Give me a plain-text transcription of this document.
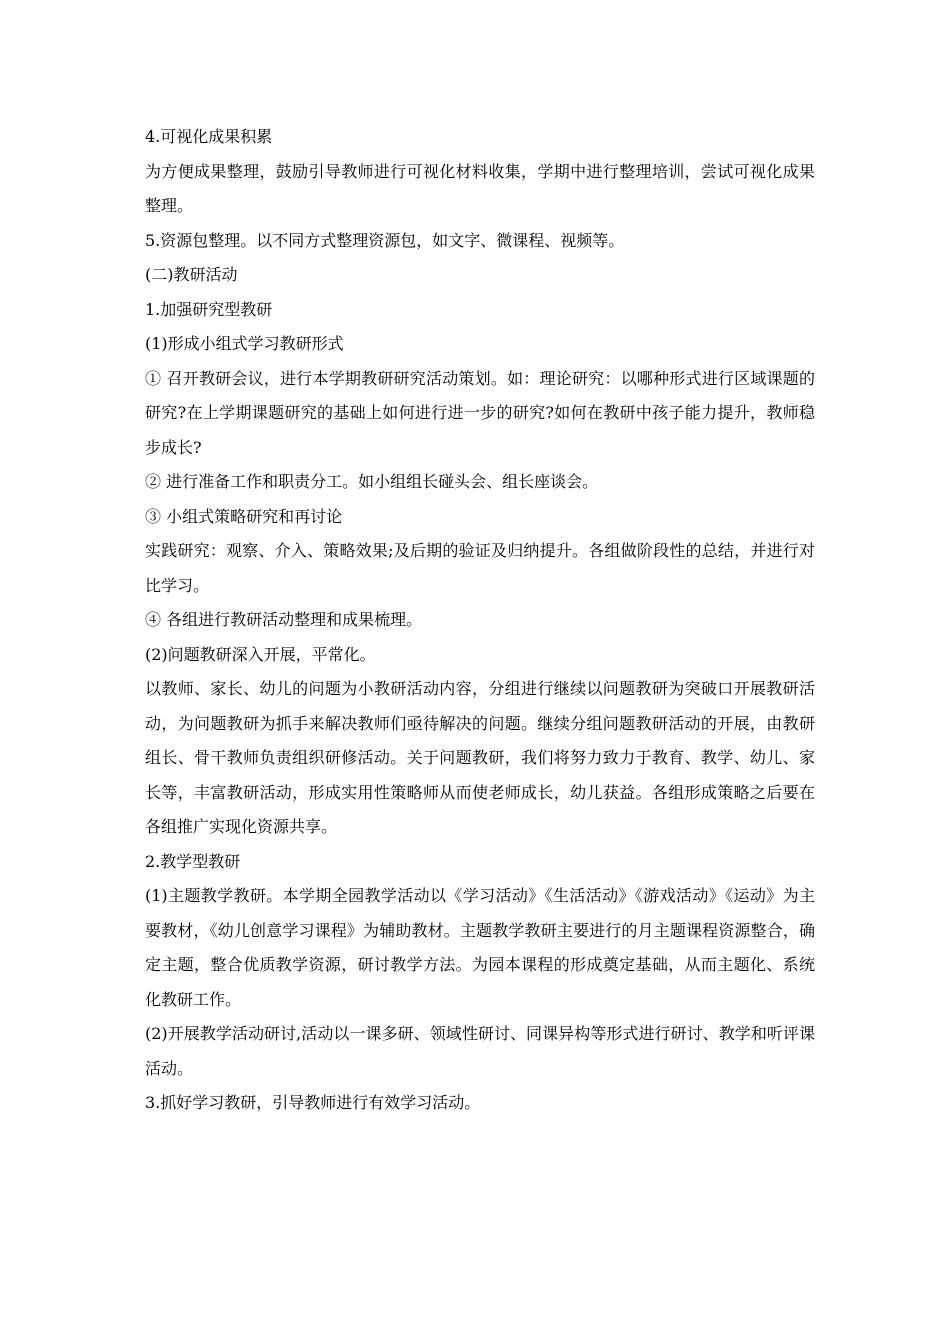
4.可视化成果积累

为方便成果整理，鼓励引导教师进行可视化材料收集，学期中进行整理培训，尝试可视化成果整理。

5.资源包整理。以不同方式整理资源包，如文字、微课程、视频等。

(二)教研活动

1.加强研究型教研

(1)形成小组式学习教研形式

① 召开教研会议，进行本学期教研研究活动策划。如：理论研究：以哪种形式进行区域课题的研究?在上学期课题研究的基础上如何进行进一步的研究?如何在教研中孩子能力提升，教师稳步成长?

② 进行准备工作和职责分工。如小组组长碰头会、组长座谈会。

③ 小组式策略研究和再讨论

实践研究：观察、介入、策略效果;及后期的验证及归纳提升。各组做阶段性的总结，并进行对比学习。

④ 各组进行教研活动整理和成果梳理。

(2)问题教研深入开展，平常化。

以教师、家长、幼儿的问题为小教研活动内容，分组进行继续以问题教研为突破口开展教研活动，为问题教研为抓手来解决教师们亟待解决的问题。继续分组问题教研活动的开展，由教研组长、骨干教师负责组织研修活动。关于问题教研，我们将努力致力于教育、教学、幼儿、家长等，丰富教研活动，形成实用性策略师从而使老师成长，幼儿获益。各组形成策略之后要在各组推广实现化资源共享。

2.教学型教研

(1)主题教学教研。本学期全园教学活动以《学习活动》《生活活动》《游戏活动》《运动》为主要教材，《幼儿创意学习课程》为辅助教材。主题教学教研主要进行的月主题课程资源整合，确定主题，整合优质教学资源，研讨教学方法。为园本课程的形成奠定基础，从而主题化、系统化教研工作。

(2)开展教学活动研讨,活动以一课多研、领域性研讨、同课异构等形式进行研讨、教学和听评课活动。

3.抓好学习教研，引导教师进行有效学习活动。
